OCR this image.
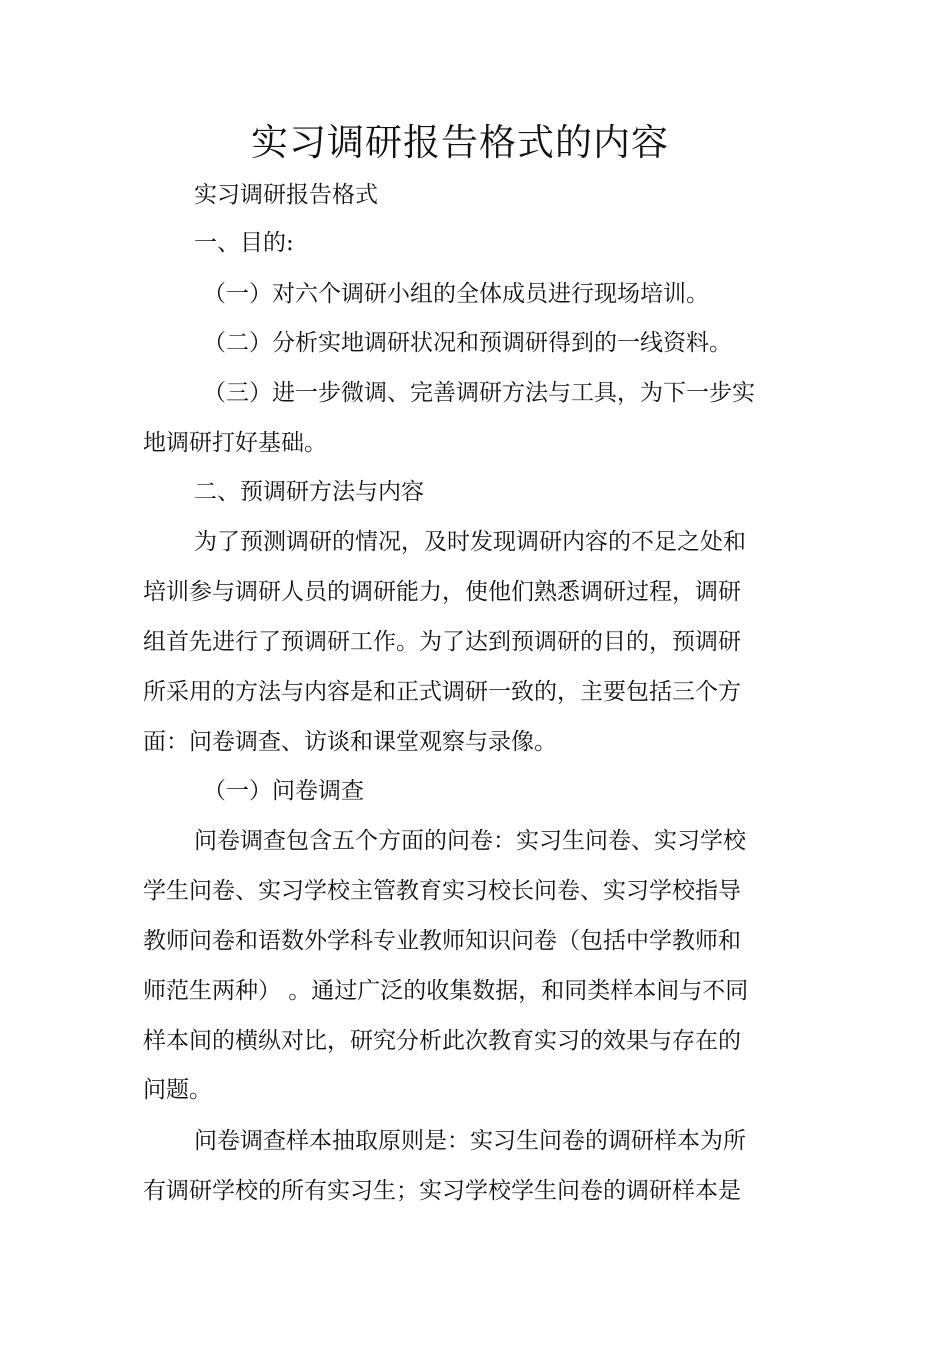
实习调研报告格式的内容
实习调研报告格式
一、目的:
（一）对六个调研小组的全体成员进行现场培训。
（二）分析实地调研状况和预调研得到的一线资料。
（三）进一步微调、完善调研方法与工具，为下一步实
地调研打好基础。
二、预调研方法与内容
为了预测调研的情况，及时发现调研内容的不足之处和
培训参与调研人员的调研能力，使他们熟悉调研过程，调研
组首先进行了预调研工作。为了达到预调研的目的，预调研
所采用的方法与内容是和正式调研一致的，主要包括三个方
面：问卷调查、访谈和课堂观察与录像。
（一）问卷调查
问卷调查包含五个方面的问卷：实习生问卷、实习学校
学生问卷、实习学校主管教育实习校长问卷、实习学校指导
教师问卷和语数外学科专业教师知识问卷（包括中学教师和
师范生两种） 。通过广泛的收集数据，和同类样本间与不同
样本间的横纵对比，研究分析此次教育实习的效果与存在的
问题。
问卷调查样本抽取原则是：实习生问卷的调研样本为所
有调研学校的所有实习生；实习学校学生问卷的调研样本是
